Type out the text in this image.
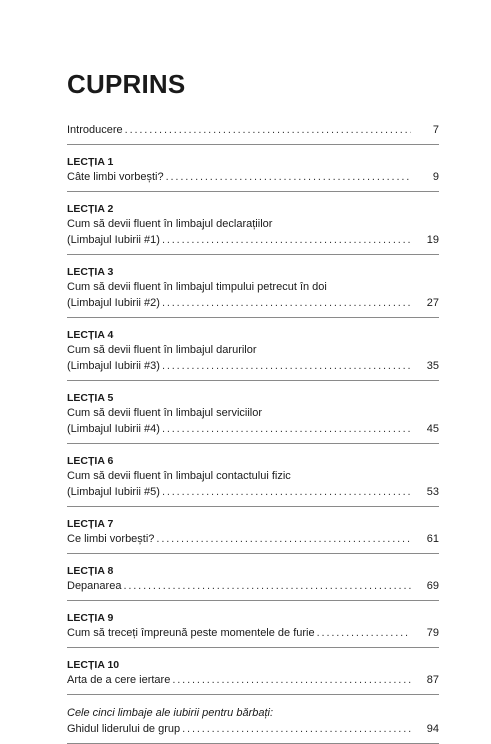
CUPRINS
Introducere . . .	7
LECȚIA 1
Câte limbi vorbești? . . .	9
LECȚIA 2
Cum să devii fluent în limbajul declarațiilor
(Limbajul Iubirii #1) . . .	19
LECȚIA 3
Cum să devii fluent în limbajul timpului petrecut în doi
(Limbajul Iubirii #2) . . .	27
LECȚIA 4
Cum să devii fluent în limbajul darurilor
(Limbajul Iubirii #3) . . .	35
LECȚIA 5
Cum să devii fluent în limbajul serviciilor
(Limbajul Iubirii #4) . . .	45
LECȚIA 6
Cum să devii fluent în limbajul contactului fizic
(Limbajul Iubirii #5) . . .	53
LECȚIA 7
Ce limbi vorbești? . . .	61
LECȚIA 8
Depanarea . . .	69
LECȚIA 9
Cum să treceți împreună peste momentele de furie . . .	79
LECȚIA 10
Arta de a cere iertare . . .	87
Cele cinci limbaje ale iubirii pentru bărbați:
Ghidul liderului de grup . . .	94
